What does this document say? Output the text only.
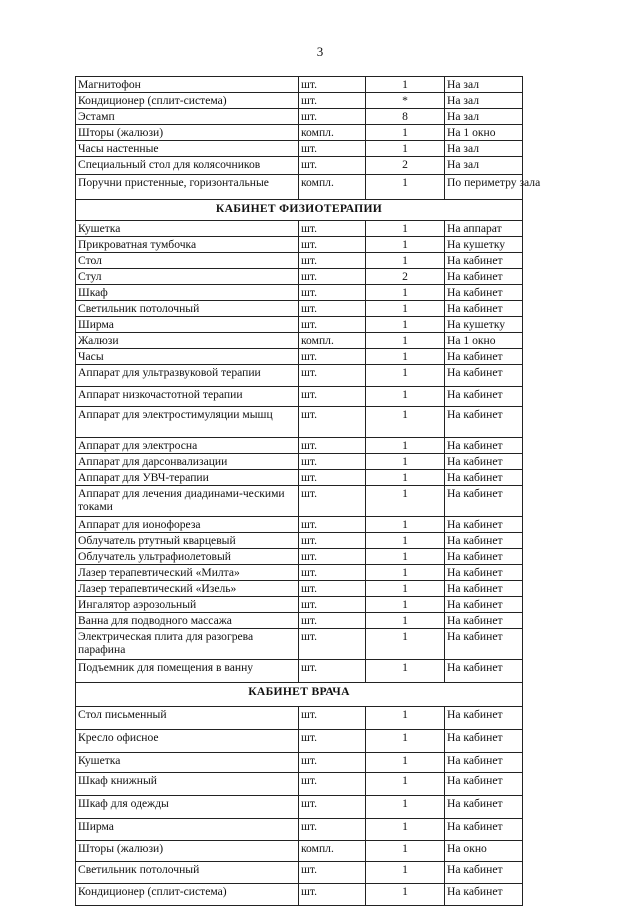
3
Магнитофон	шт.	1	На зал
Кондиционер (сплит-система)	шт.	*	На зал
Эстамп	шт.	8	На зал
Шторы (жалюзи)	компл.	1	На 1 окно
Часы настенные	шт.	1	На зал
Специальный стол для колясочников	шт.	2	На зал
Поручни пристенные, горизонтальные	компл.	1	По периметру зала
КАБИНЕТ ФИЗИОТЕРАПИИ			
Кушетка	шт.	1	На аппарат
Прикроватная тумбочка	шт.	1	На кушетку
Стол	шт.	1	На кабинет
Стул	шт.	2	На кабинет
Шкаф	шт.	1	На кабинет
Светильник потолочный	шт.	1	На кабинет
Ширма	шт.	1	На кушетку
Жалюзи	компл.	1	На 1 окно
Часы	шт.	1	На кабинет
Аппарат для ультразвуковой терапии	шт.	1	На кабинет
Аппарат низкочастотной терапии	шт.	1	На кабинет
Аппарат для электростимуляции мышц	шт.	1	На кабинет
Аппарат для электросна	шт.	1	На кабинет
Аппарат для дарсонвализации	шт.	1	На кабинет
Аппарат для УВЧ-терапии	шт.	1	На кабинет
Аппарат для лечения диадинами-ческими токами	шт.	1	На кабинет
Аппарат для ионофореза	шт.	1	На кабинет
Облучатель ртутный кварцевый	шт.	1	На кабинет
Облучатель ультрафиолетовый	шт.	1	На кабинет
Лазер терапевтический «Милта»	шт.	1	На кабинет
Лазер терапевтический «Изель»	шт.	1	На кабинет
Ингалятор аэрозольный	шт.	1	На кабинет
Ванна для подводного массажа	шт.	1	На кабинет
Электрическая плита для разогрева парафина	шт.	1	На кабинет
Подъемник для помещения в ванну	шт.	1	На кабинет
КАБИНЕТ ВРАЧА			
Стол письменный	шт.	1	На кабинет
Кресло офисное	шт.	1	На кабинет
Кушетка	шт.	1	На кабинет
Шкаф книжный	шт.	1	На кабинет
Шкаф для одежды	шт.	1	На кабинет
Ширма	шт.	1	На кабинет
Шторы (жалюзи)	компл.	1	На окно
Светильник потолочный	шт.	1	На кабинет
Кондиционер (сплит-система)	шт.	1	На кабинет
